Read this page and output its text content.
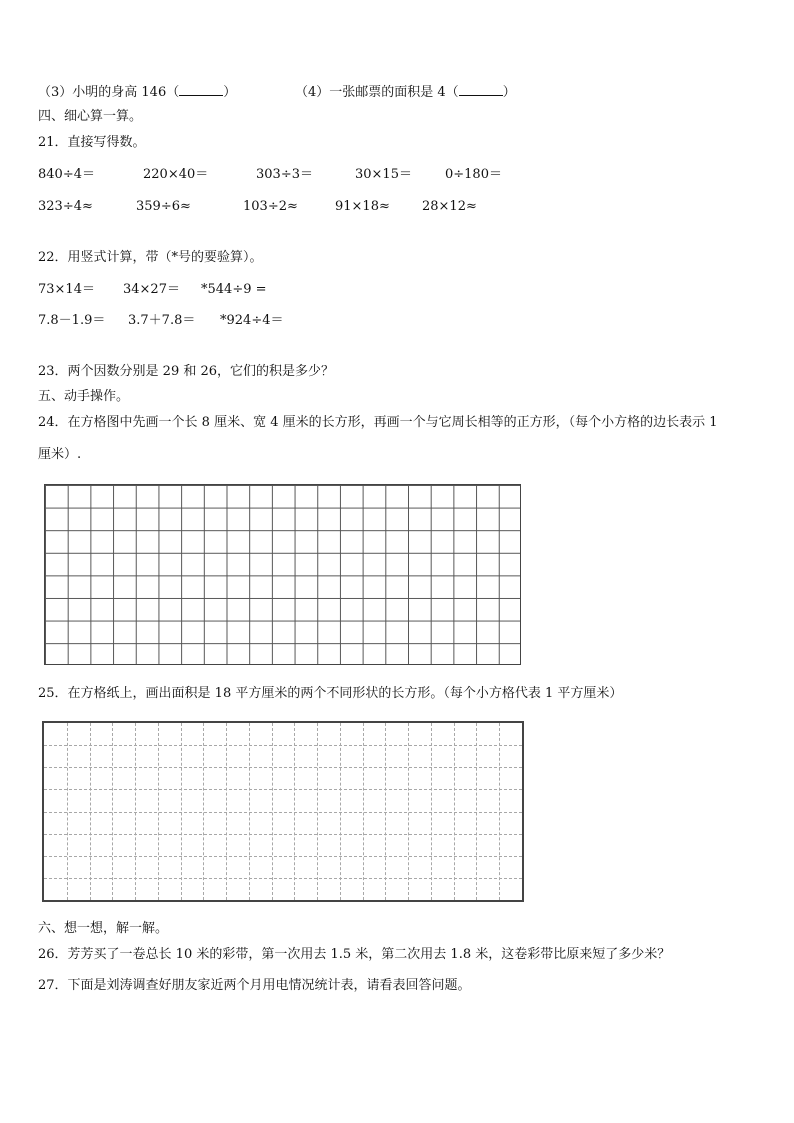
（3）小明的身高 146（	）	（4）一张邮票的面积是 4（	）
四、细心算一算。
21．直接写得数。
840÷4＝	220×40＝	303÷3＝	30×15＝	0÷180＝
323÷4≈	359÷6≈	103÷2≈	91×18≈ 28×12≈
22．用竖式计算，带（*号的要验算）。
73×14＝ 34×27＝ *544÷9 =
7.8－1.9＝ 3.7＋7.8＝ *924÷4＝
23．两个因数分别是 29 和 26，它们的积是多少？
五、动手操作。
24．在方格图中先画一个长 8 厘米、宽 4 厘米的长方形，再画一个与它周长相等的正方形，（每个小方格的边长表示 1
厘米）.
25．在方格纸上，画出面积是 18 平方厘米的两个不同形状的长方形。（每个小方格代表 1 平方厘米）
六、想一想，解一解。
26．芳芳买了一卷总长 10 米的彩带，第一次用去 1.5 米，第二次用去 1.8 米，这卷彩带比原来短了多少米？
27．下面是刘涛调查好朋友家近两个月用电情况统计表，请看表回答问题。
